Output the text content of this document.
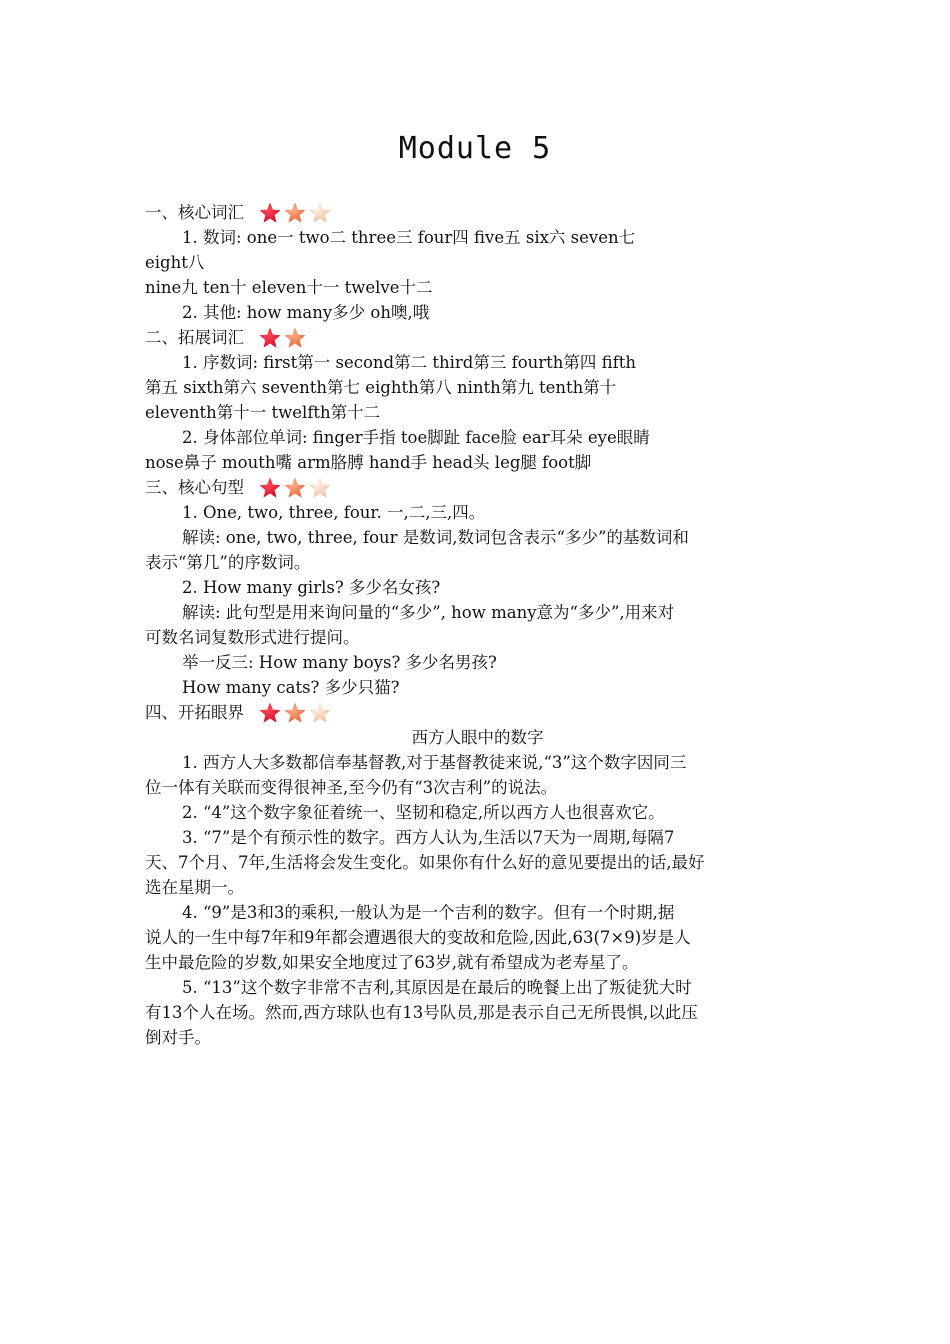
Module 5
一、核心词汇

1. 数词: one一 two二 three三 four四 five五 six六 seven七

eight八

nine九 ten十 eleven十一 twelve十二

2. 其他: how many多少 oh噢,哦

二、拓展词汇

1. 序数词: first第一 second第二 third第三 fourth第四 fifth

第五 sixth第六 seventh第七 eighth第八 ninth第九 tenth第十

eleventh第十一 twelfth第十二

2. 身体部位单词: finger手指 toe脚趾 face脸 ear耳朵 eye眼睛

nose鼻子 mouth嘴 arm胳膊 hand手 head头 leg腿 foot脚

三、核心句型

1. One, two, three, four. 一,二,三,四。

解读: one, two, three, four 是数词,数词包含表示“多少”的基数词和

表示“第几”的序数词。

2. How many girls? 多少名女孩?

解读: 此句型是用来询问量的“多少”, how many意为“多少”,用来对

可数名词复数形式进行提问。

举一反三: How many boys? 多少名男孩?

How many cats? 多少只猫?

四、开拓眼界

西方人眼中的数字

1. 西方人大多数都信奉基督教,对于基督教徒来说,“3”这个数字因同三

位一体有关联而变得很神圣,至今仍有“3次吉利”的说法。

2. “4”这个数字象征着统一、坚韧和稳定,所以西方人也很喜欢它。

3. “7”是个有预示性的数字。西方人认为,生活以7天为一周期,每隔7

天、7个月、7年,生活将会发生变化。如果你有什么好的意见要提出的话,最好

选在星期一。

4. “9”是3和3的乘积,一般认为是一个吉利的数字。但有一个时期,据

说人的一生中每7年和9年都会遭遇很大的变故和危险,因此,63(7×9)岁是人

生中最危险的岁数,如果安全地度过了63岁,就有希望成为老寿星了。

5. “13”这个数字非常不吉利,其原因是在最后的晚餐上出了叛徒犹大时

有13个人在场。然而,西方球队也有13号队员,那是表示自己无所畏惧,以此压

倒对手。
